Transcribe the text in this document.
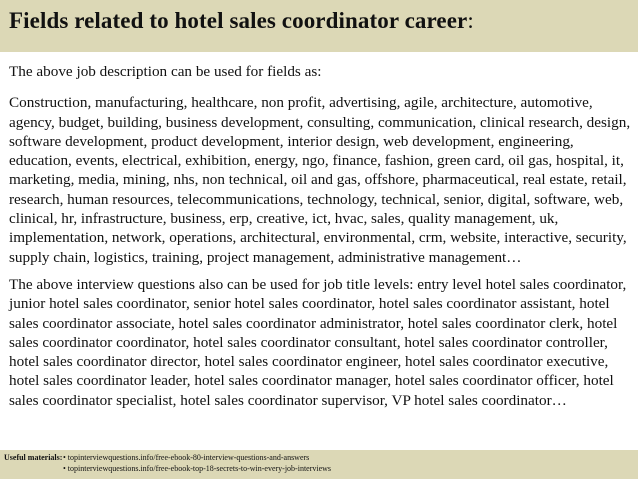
Fields related to hotel sales coordinator career:

The above job description can be used for fields as:

Construction, manufacturing, healthcare, non profit, advertising, agile, architecture, automotive, agency, budget, building, business development, consulting, communication, clinical research, design, software development, product development, interior design, web development, engineering, education, events, electrical, exhibition, energy, ngo, finance, fashion, green card, oil gas, hospital, it, marketing, media, mining, nhs, non technical, oil and gas, offshore, pharmaceutical, real estate, retail, research, human resources, telecommunications, technology, technical, senior, digital, software, web, clinical, hr, infrastructure, business, erp, creative, ict, hvac, sales, quality management, uk, implementation, network, operations, architectural, environmental, crm, website, interactive, security, supply chain, logistics, training, project management, administrative management…

The above interview questions also can be used for job title levels: entry level hotel sales coordinator, junior hotel sales coordinator, senior hotel sales coordinator, hotel sales coordinator assistant, hotel sales coordinator associate, hotel sales coordinator administrator, hotel sales coordinator clerk, hotel sales coordinator coordinator, hotel sales coordinator consultant, hotel sales coordinator controller, hotel sales coordinator director, hotel sales coordinator engineer, hotel sales coordinator executive, hotel sales coordinator leader, hotel sales coordinator manager, hotel sales coordinator officer, hotel sales coordinator specialist, hotel sales coordinator supervisor, VP hotel sales coordinator…

Useful materials:• topinterviewquestions.info/free-ebook-80-interview-questions-and-answers
• topinterviewquestions.info/free-ebook-top-18-secrets-to-win-every-job-interviews
